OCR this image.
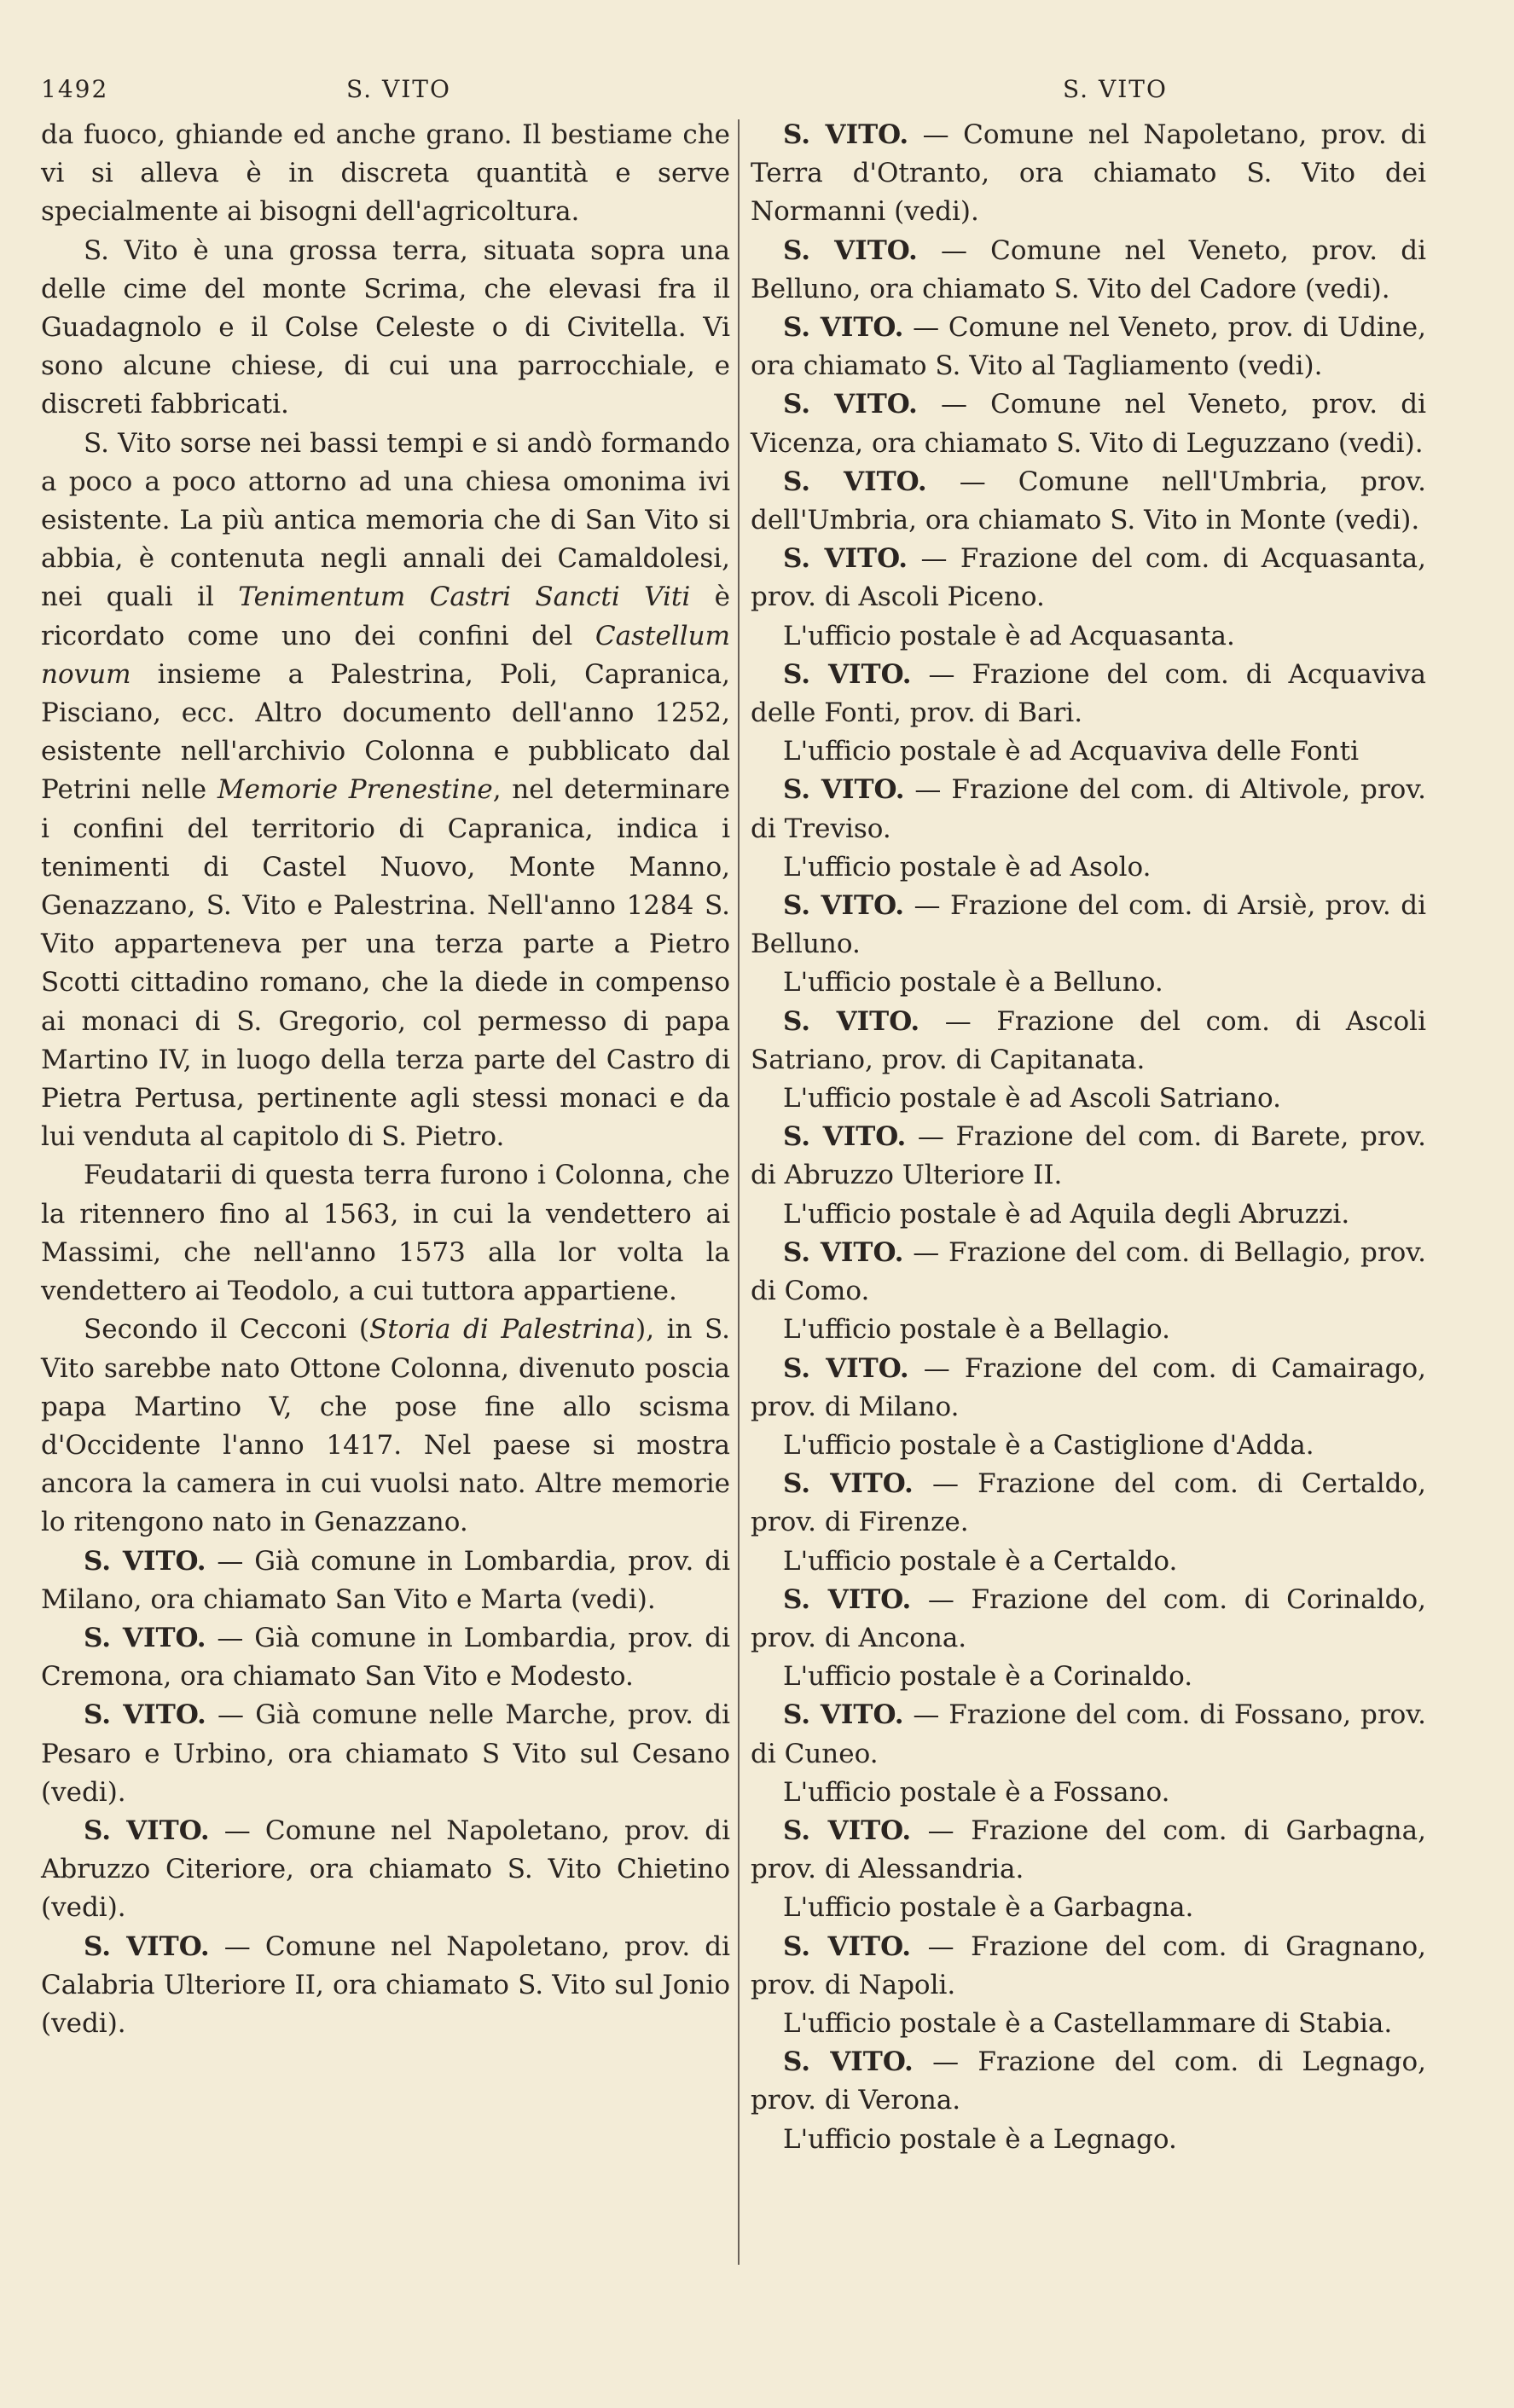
1492	S. VITO	S. VITO

da fuoco, ghiande ed anche grano. Il bestiame che vi si alleva è in discreta quantità e serve specialmente ai bisogni dell'agricoltura.

S. Vito è una grossa terra, situata sopra una delle cime del monte Scrima, che elevasi fra il Guadagnolo e il Colse Celeste o di Civitella. Vi sono alcune chiese, di cui una parrocchiale, e discreti fabbricati.

S. Vito sorse nei bassi tempi e si andò formando a poco a poco attorno ad una chiesa omonima ivi esistente. La più antica memoria che di San Vito si abbia, è contenuta negli annali dei Camaldolesi, nei quali il Tenimentum Castri Sancti Viti è ricordato come uno dei confini del Castellum novum insieme a Palestrina, Poli, Capranica, Pisciano, ecc. Altro documento dell'anno 1252, esistente nell'archivio Colonna e pubblicato dal Petrini nelle Memorie Prenestine, nel determinare i confini del territorio di Capranica, indica i tenimenti di Castel Nuovo, Monte Manno, Genazzano, S. Vito e Palestrina. Nell'anno 1284 S. Vito apparteneva per una terza parte a Pietro Scotti cittadino romano, che la diede in compenso ai monaci di S. Gregorio, col permesso di papa Martino IV, in luogo della terza parte del Castro di Pietra Pertusa, pertinente agli stessi monaci e da lui venduta al capitolo di S. Pietro.

Feudatarii di questa terra furono i Colonna, che la ritennero fino al 1563, in cui la vendettero ai Massimi, che nell'anno 1573 alla lor volta la vendettero ai Teodolo, a cui tuttora appartiene.

Secondo il Cecconi (Storia di Palestrina), in S. Vito sarebbe nato Ottone Colonna, divenuto poscia papa Martino V, che pose fine allo scisma d'Occidente l'anno 1417. Nel paese si mostra ancora la camera in cui vuolsi nato. Altre memorie lo ritengono nato in Genazzano.

S. VITO. — Già comune in Lombardia, prov. di Milano, ora chiamato San Vito e Marta (vedi).

S. VITO. — Già comune in Lombardia, prov. di Cremona, ora chiamato San Vito e Modesto.

S. VITO. — Già comune nelle Marche, prov. di Pesaro e Urbino, ora chiamato S Vito sul Cesano (vedi).

S. VITO. — Comune nel Napoletano, prov. di Abruzzo Citeriore, ora chiamato S. Vito Chietino (vedi).

S. VITO. — Comune nel Napoletano, prov. di Calabria Ulteriore II, ora chiamato S. Vito sul Jonio (vedi).

S. VITO. — Comune nel Napoletano, prov. di Terra d'Otranto, ora chiamato S. Vito dei Normanni (vedi).

S. VITO. — Comune nel Veneto, prov. di Belluno, ora chiamato S. Vito del Cadore (vedi).

S. VITO. — Comune nel Veneto, prov. di Udine, ora chiamato S. Vito al Tagliamento (vedi).

S. VITO. — Comune nel Veneto, prov. di Vicenza, ora chiamato S. Vito di Leguzzano (vedi).

S. VITO. — Comune nell'Umbria, prov. dell'Umbria, ora chiamato S. Vito in Monte (vedi).

S. VITO. — Frazione del com. di Acquasanta, prov. di Ascoli Piceno.

L'ufficio postale è ad Acquasanta.

S. VITO. — Frazione del com. di Acquaviva delle Fonti, prov. di Bari.

L'ufficio postale è ad Acquaviva delle Fonti

S. VITO. — Frazione del com. di Altivole, prov. di Treviso.

L'ufficio postale è ad Asolo.

S. VITO. — Frazione del com. di Arsiè, prov. di Belluno.

L'ufficio postale è a Belluno.

S. VITO. — Frazione del com. di Ascoli Satriano, prov. di Capitanata.

L'ufficio postale è ad Ascoli Satriano.

S. VITO. — Frazione del com. di Barete, prov. di Abruzzo Ulteriore II.

L'ufficio postale è ad Aquila degli Abruzzi.

S. VITO. — Frazione del com. di Bellagio, prov. di Como.

L'ufficio postale è a Bellagio.

S. VITO. — Frazione del com. di Camairago, prov. di Milano.

L'ufficio postale è a Castiglione d'Adda.

S. VITO. — Frazione del com. di Certaldo, prov. di Firenze.

L'ufficio postale è a Certaldo.

S. VITO. — Frazione del com. di Corinaldo, prov. di Ancona.

L'ufficio postale è a Corinaldo.

S. VITO. — Frazione del com. di Fossano, prov. di Cuneo.

L'ufficio postale è a Fossano.

S. VITO. — Frazione del com. di Garbagna, prov. di Alessandria.

L'ufficio postale è a Garbagna.

S. VITO. — Frazione del com. di Gragnano, prov. di Napoli.

L'ufficio postale è a Castellammare di Stabia.

S. VITO. — Frazione del com. di Legnago, prov. di Verona.

L'ufficio postale è a Legnago.
